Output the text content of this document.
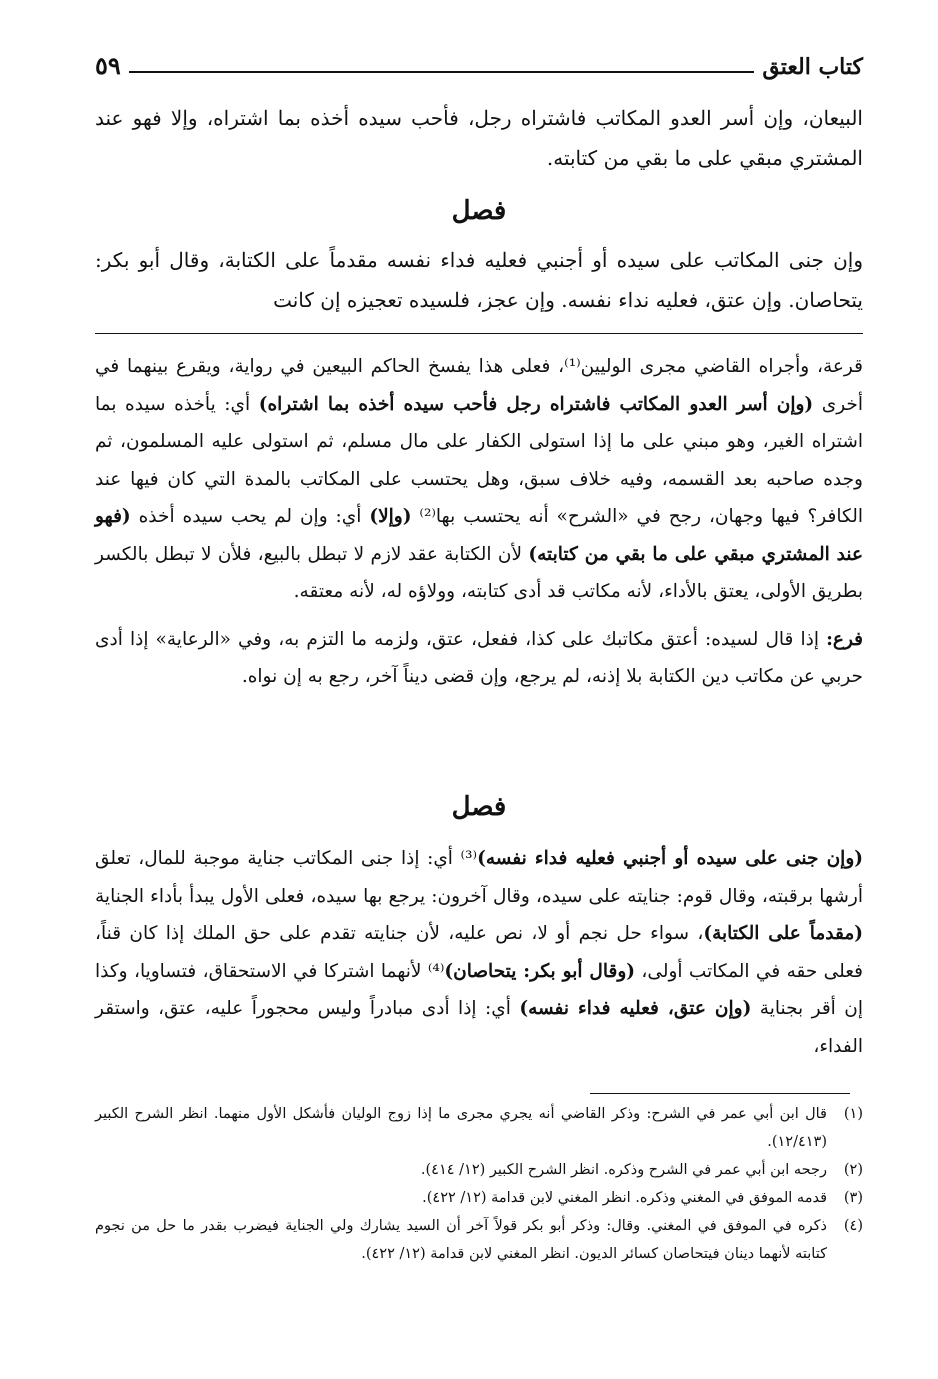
كتاب العتق
٥٩
البيعان، وإن أسر العدو المكاتب فاشتراه رجل، فأحب سيده أخذه بما اشتراه، وإلا فهو عند المشتري مبقي على ما بقي من كتابته.
فصل
وإن جنى المكاتب على سيده أو أجنبي فعليه فداء نفسه مقدماً على الكتابة، وقال أبو بكر: يتحاصان. وإن عتق، فعليه نداء نفسه. وإن عجز، فلسيده تعجيزه إن كانت

قرعة، وأجراه القاضي مجرى الوليين⁽¹⁾، فعلى هذا يفسخ الحاكم البيعين في رواية، ويقرع بينهما في أخرى (وإن أسر العدو المكاتب فاشتراه رجل فأحب سيده أخذه بما اشتراه) أي: يأخذه سيده بما اشتراه الغير، وهو مبني على ما إذا استولى الكفار على مال مسلم، ثم استولى عليه المسلمون، ثم وجده صاحبه بعد القسمه، وفيه خلاف سبق، وهل يحتسب على المكاتب بالمدة التي كان فيها عند الكافر؟ فيها وجهان، رجح في «الشرح» أنه يحتسب بها⁽²⁾ (وإلا) أي: وإن لم يحب سيده أخذه (فهو عند المشتري مبقي على ما بقي من كتابته) لأن الكتابة عقد لازم لا تبطل بالبيع، فلأن لا تبطل بالكسر بطريق الأولى، يعتق بالأداء، لأنه مكاتب قد أدى كتابته، وولاؤه له، لأنه معتقه.

فرع: إذا قال لسيده: أعتق مكاتبك على كذا، ففعل، عتق، ولزمه ما التزم به، وفي «الرعاية» إذا أدى حربي عن مكاتب دين الكتابة بلا إذنه، لم يرجع، وإن قضى ديناً آخر، رجع به إن نواه.

فصل

(وإن جنى على سيده أو أجنبي فعليه فداء نفسه)⁽³⁾ أي: إذا جنى المكاتب جناية موجبة للمال، تعلق أرشها برقبته، وقال قوم: جنايته على سيده، وقال آخرون: يرجع بها سيده، فعلى الأول يبدأ بأداء الجناية (مقدماً على الكتابة)، سواء حل نجم أو لا، نص عليه، لأن جنايته تقدم على حق الملك إذا كان قناً، فعلى حقه في المكاتب أولى، (وقال أبو بكر: يتحاصان)⁽⁴⁾ لأنهما اشتركا في الاستحقاق، فتساويا، وكذا إن أقر بجناية (وإن عتق، فعليه فداء نفسه) أي: إذا أدى مبادراً وليس محجوراً عليه، عتق، واستقر الفداء،

(١)
قال ابن أبي عمر في الشرح: وذكر القاضي أنه يجري مجرى ما إذا زوج الوليان فأشكل الأول منهما. انظر الشرح الكبير (١٢/٤١٣).
(٢)
رجحه ابن أبي عمر في الشرح وذكره. انظر الشرح الكبير (١٢/ ٤١٤).
(٣)
قدمه الموفق في المغني وذكره. انظر المغني لابن قدامة (١٢/ ٤٢٢).
(٤)
ذكره في الموفق في المغني. وقال: وذكر أبو بكر قولاً آخر أن السيد يشارك ولي الجناية فيضرب بقدر ما حل من نجوم كتابته لأنهما دينان فيتحاصان كسائر الديون. انظر المغني لابن قدامة (١٢/ ٤٢٢).
